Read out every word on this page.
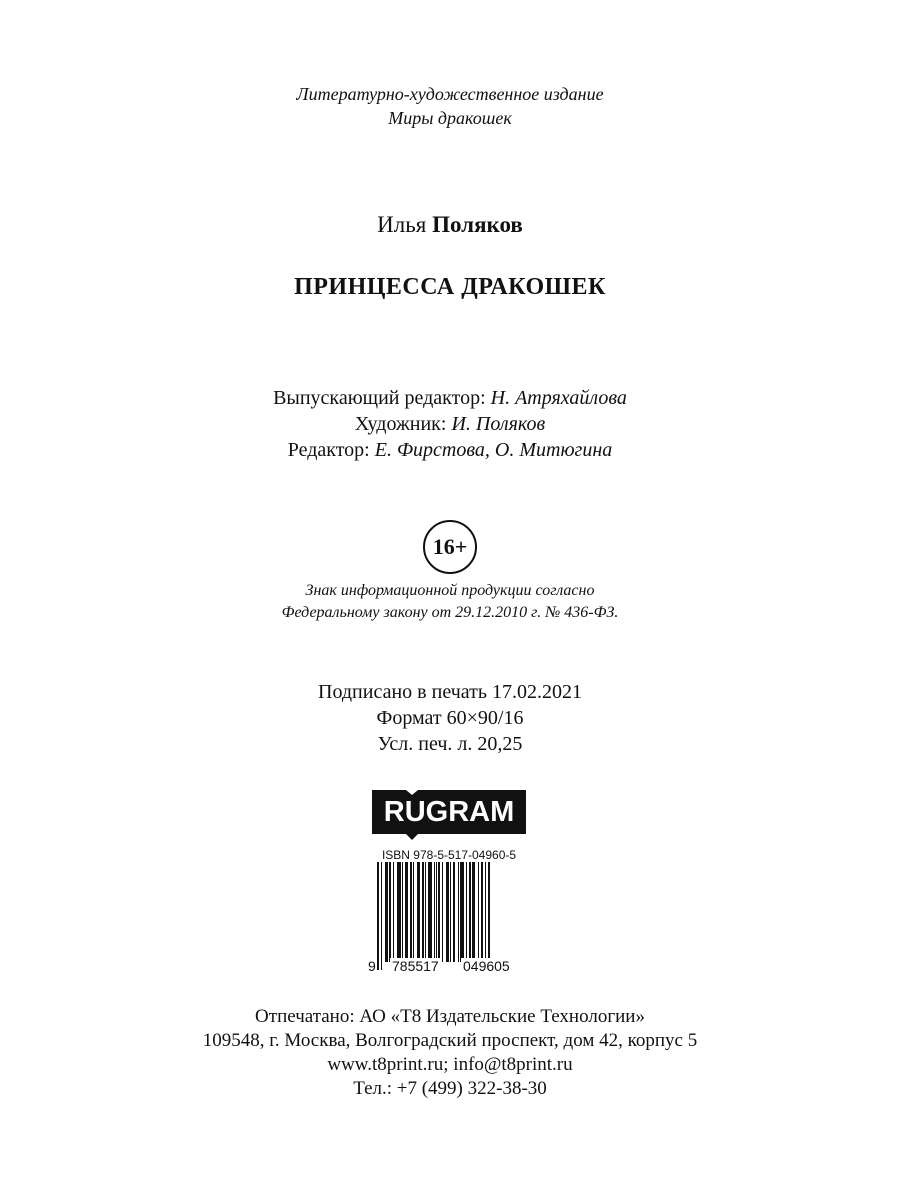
Литературно-художественное издание
Миры дракошек
Илья Поляков
ПРИНЦЕССА ДРАКОШЕК
Выпускающий редактор: Н. Атряхайлова
Художник: И. Поляков
Редактор: Е. Фирстова, О. Митюгина
16+
Знак информационной продукции согласно
Федеральному закону от 29.12.2010 г. № 436-ФЗ.
Подписано в печать 17.02.2021
Формат 60×90/16
Усл. печ. л. 20,25
RUGRAM
ISBN 978-5-517-04960-5
9 785517 049605
Отпечатано: АО «Т8 Издательские Технологии»
109548, г. Москва, Волгоградский проспект, дом 42, корпус 5
www.t8print.ru; info@t8print.ru
Тел.: +7 (499) 322-38-30
